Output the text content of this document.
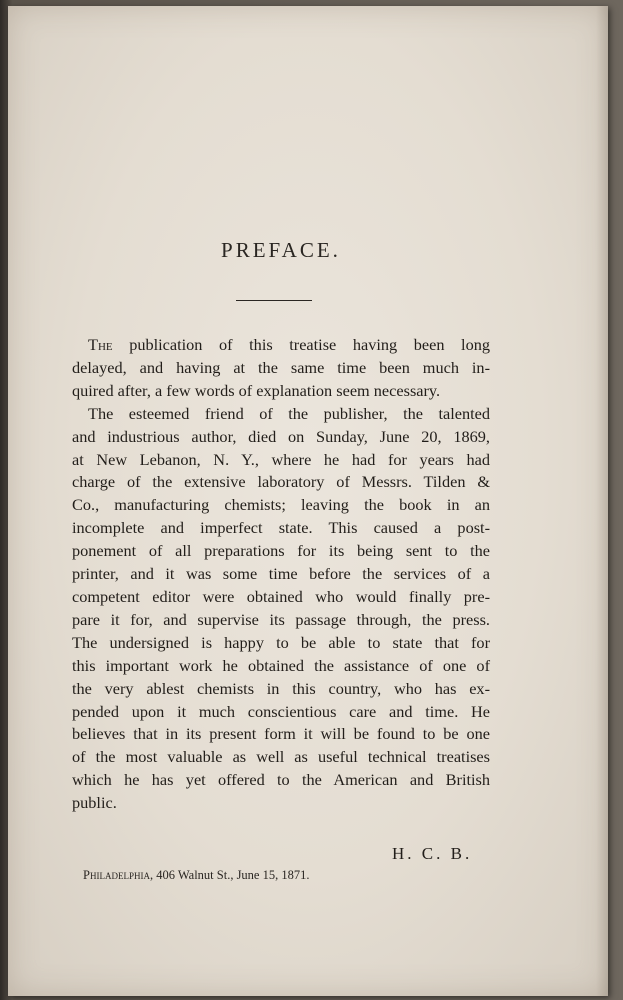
PREFACE.
The publication of this treatise having been long
delayed, and having at the same time been much in-
quired after, a few words of explanation seem necessary.
The esteemed friend of the publisher, the talented
and industrious author, died on Sunday, June 20, 1869,
at New Lebanon, N. Y., where he had for years had
charge of the extensive laboratory of Messrs. Tilden &
Co., manufacturing chemists; leaving the book in an
incomplete and imperfect state. This caused a post-
ponement of all preparations for its being sent to the
printer, and it was some time before the services of a
competent editor were obtained who would finally pre-
pare it for, and supervise its passage through, the press.
The undersigned is happy to be able to state that for
this important work he obtained the assistance of one of
the very ablest chemists in this country, who has ex-
pended upon it much conscientious care and time. He
believes that in its present form it will be found to be one
of the most valuable as well as useful technical treatises
which he has yet offered to the American and British
public.
H. C. B.
Philadelphia, 406 Walnut St., June 15, 1871.
